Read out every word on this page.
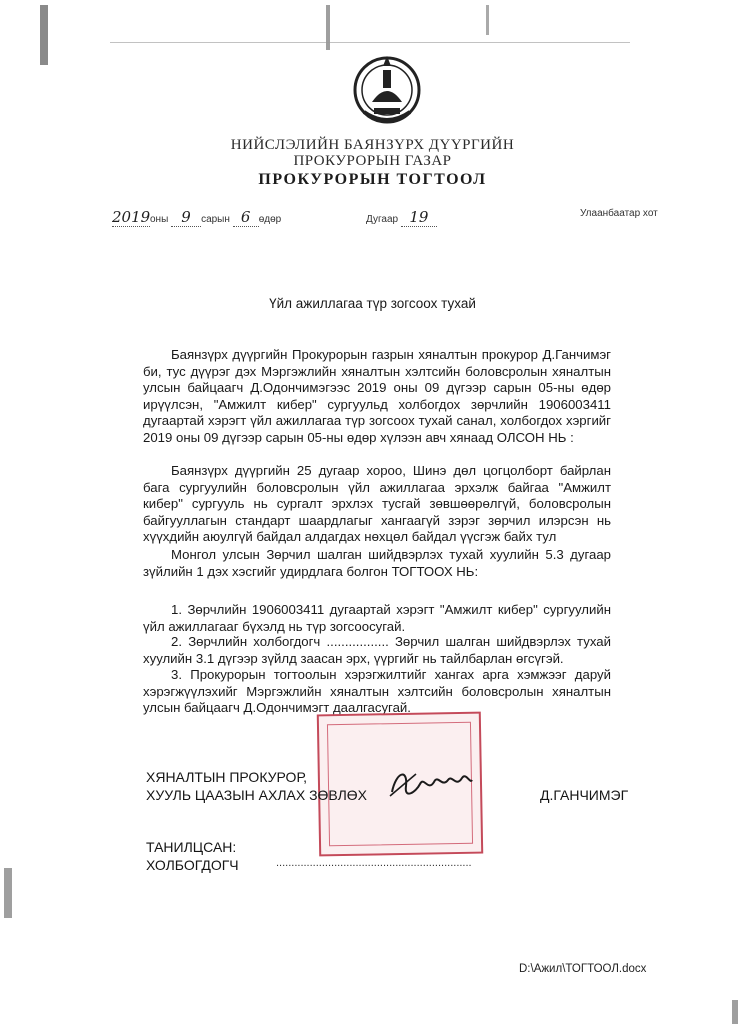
НИЙСЛЭЛИЙН БАЯНЗҮРХ ДҮҮРГИЙН
ПРОКУРОРЫН ГАЗАР
ПРОКУРОРЫН ТОГТООЛ
2019оны 9 сарын 6 өдөр	Дугаар 19	Улаанбаатар хот
Үйл ажиллагаа түр зогсоох тухай
Баянзүрх дүүргийн Прокурорын газрын хяналтын прокурор Д.Ганчимэг би, тус дүүрэг дэх Мэргэжлийн хяналтын хэлтсийн боловсролын хяналтын улсын байцаагч Д.Одончимэгээс 2019 оны 09 дүгээр сарын 05-ны өдөр ирүүлсэн, "Амжилт кибер" сургуульд холбогдох зөрчлийн 1906003411 дугаартай хэрэгт үйл ажиллагаа түр зогсоох тухай санал, холбогдох хэргийг 2019 оны 09 дүгээр сарын 05-ны өдөр хүлээн авч хянаад ОЛСОН НЬ :
Баянзүрх дүүргийн 25 дугаар хороо, Шинэ дөл цогцолборт байрлан бага сургуулийн боловсролын үйл ажиллагаа эрхэлж байгаа "Амжилт кибер" сургууль нь сургалт эрхлэх тусгай зөвшөөрөлгүй, боловсролын байгууллагын стандарт шаардлагыг хангаагүй зэрэг зөрчил илэрсэн нь хүүхдийн аюулгүй байдал алдагдах нөхцөл байдал үүсгэж байх тул
Монгол улсын Зөрчил шалган шийдвэрлэх тухай хуулийн 5.3 дугаар зүйлийн 1 дэх хэсгийг удирдлага болгон ТОГТООХ НЬ:
1. Зөрчлийн 1906003411 дугаартай хэрэгт "Амжилт кибер" сургуулийн үйл ажиллагааг бүхэлд нь түр зогсоосугай.
2. Зөрчлийн холбогдогч ................. Зөрчил шалган шийдвэрлэх тухай хуулийн 3.1 дүгээр зүйлд заасан эрх, үүргийг нь тайлбарлан өгсүгэй.
3. Прокурорын тогтоолын хэрэгжилтийг хангах арга хэмжээг даруй хэрэгжүүлэхийг Мэргэжлийн хяналтын хэлтсийн боловсролын хяналтын улсын байцаагч Д.Одончимэгт даалгасугай.
ХЯНАЛТЫН ПРОКУРОР,
ХУУЛЬ ЦААЗЫН АХЛАХ ЗӨВЛӨХ	Д.ГАНЧИМЭГ
ТАНИЛЦСАН:
ХОЛБОГДОГЧ	................................................................
D:\Ажил\ТОГТООЛ.docx
